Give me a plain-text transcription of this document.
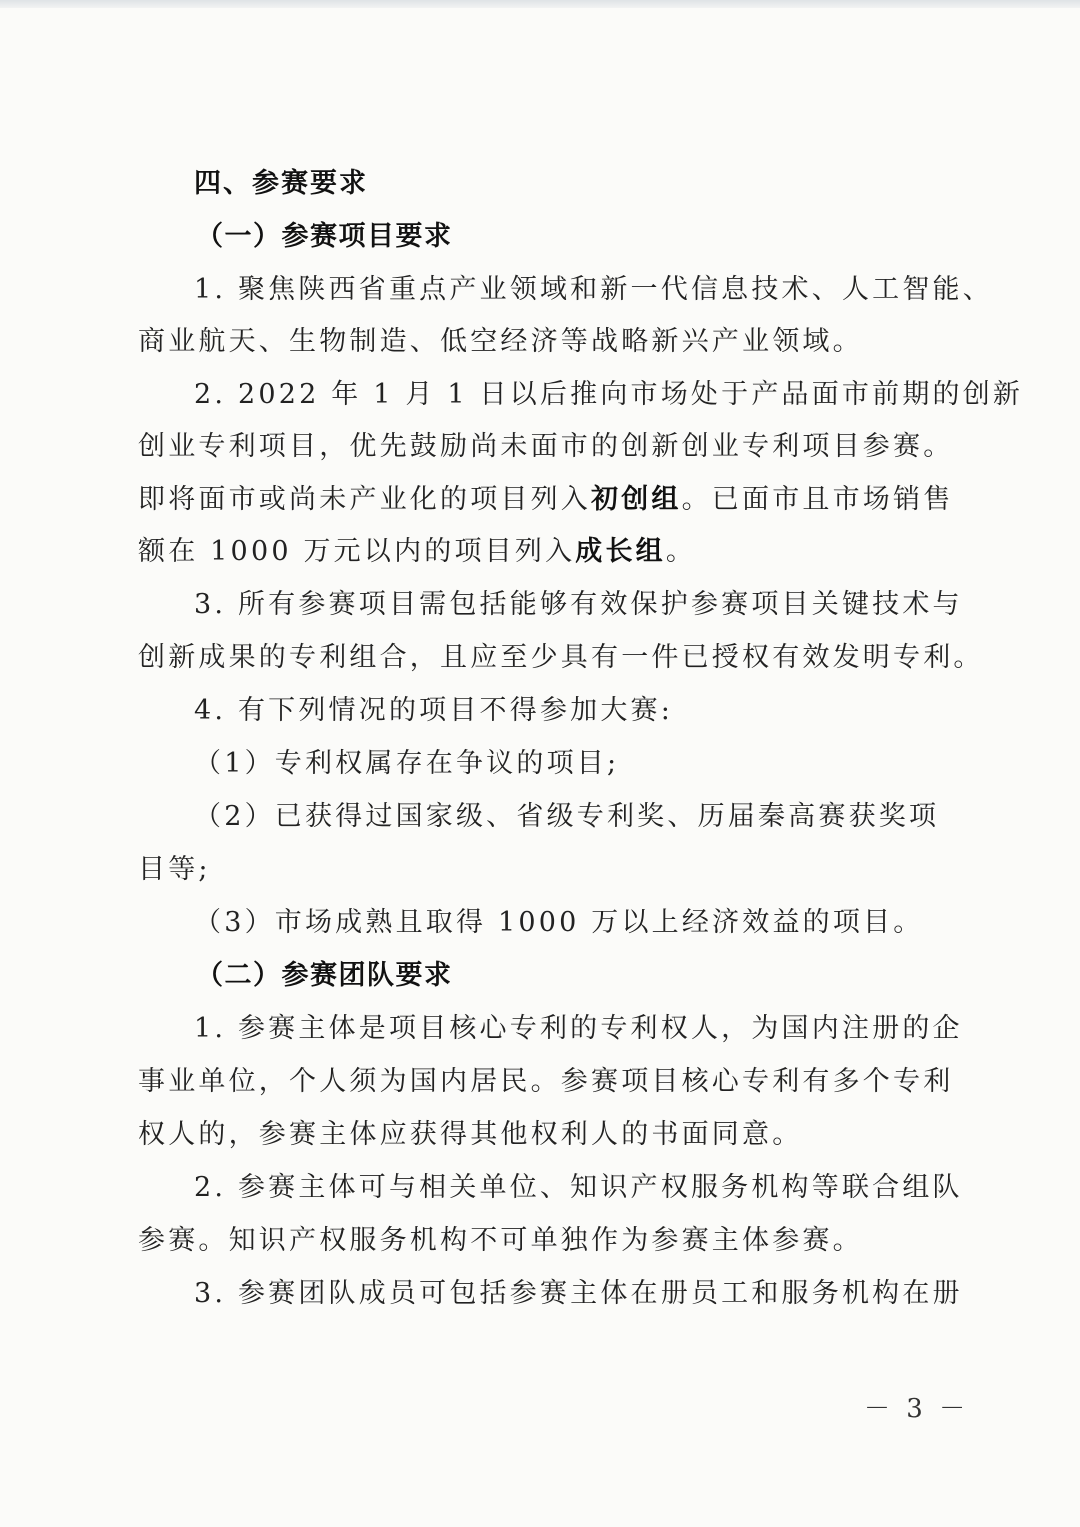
四、参赛要求
（一）参赛项目要求
1. 聚焦陕西省重点产业领域和新一代信息技术、人工智能、
商业航天、生物制造、低空经济等战略新兴产业领域。
2. 2022 年 1 月 1 日以后推向市场处于产品面市前期的创新
创业专利项目，优先鼓励尚未面市的创新创业专利项目参赛。
即将面市或尚未产业化的项目列入初创组。已面市且市场销售
额在 1000 万元以内的项目列入成长组。
3. 所有参赛项目需包括能够有效保护参赛项目关键技术与
创新成果的专利组合，且应至少具有一件已授权有效发明专利。
4. 有下列情况的项目不得参加大赛:
（1）专利权属存在争议的项目;
（2）已获得过国家级、省级专利奖、历届秦高赛获奖项
目等;
（3）市场成熟且取得 1000 万以上经济效益的项目。
（二）参赛团队要求
1. 参赛主体是项目核心专利的专利权人，为国内注册的企
事业单位，个人须为国内居民。参赛项目核心专利有多个专利
权人的，参赛主体应获得其他权利人的书面同意。
2. 参赛主体可与相关单位、知识产权服务机构等联合组队
参赛。知识产权服务机构不可单独作为参赛主体参赛。
3. 参赛团队成员可包括参赛主体在册员工和服务机构在册
－ 3 －
